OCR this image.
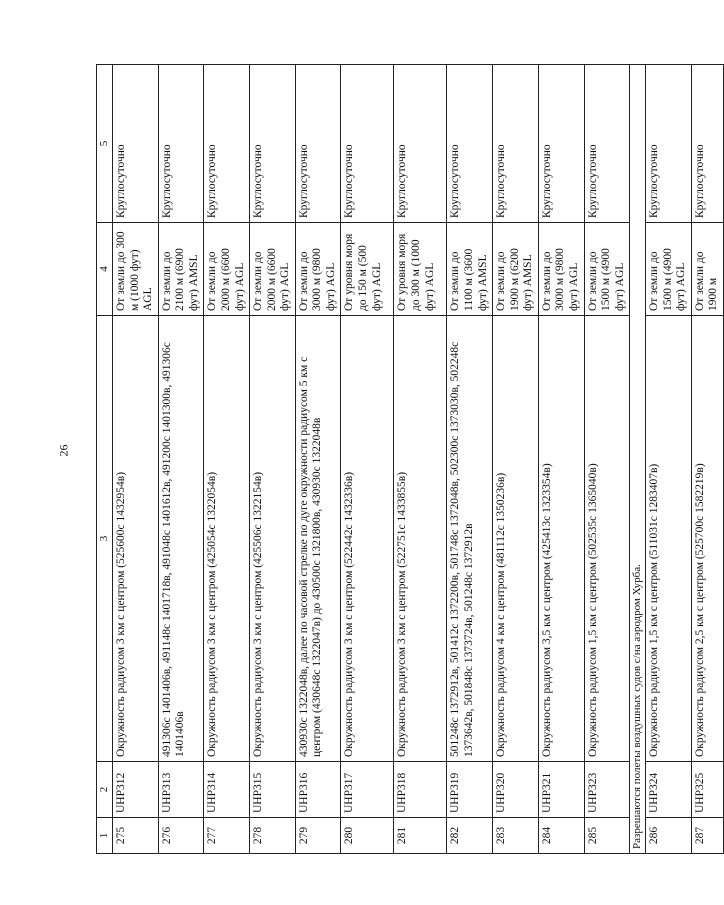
26
1	2	3	4	5
275	UHP312	Окружность радиусом 3 км с центром (525600с 1432954в)	От земли до 300 м (1000 фут) AGL	Круглосуточно
276	UHP313	491306с 1401406в, 491148с 1401718в, 491048с 1401612в, 491200с 1401300в, 491306с 1401406в	От земли до 2100 м (6900 фут) AMSL	Круглосуточно
277	UHP314	Окружность радиусом 3 км с центром (425054с 1322054в)	От земли до 2000 м (6600 фут) AGL	Круглосуточно
278	UHP315	Окружность радиусом 3 км с центром (425506с 1322154в)	От земли до 2000 м (6600 фут) AGL	Круглосуточно
279	UHP316	430930с 1322048в, далее по часовой стрелке по дуге окружности радиусом 5 км с центром (430648с 1322047в) до 430500с 1321800в, 430930с 1322048в	От земли до 3000 м (9800 фут) AGL	Круглосуточно
280	UHP317	Окружность радиусом 3 км с центром (522442с 1432336в)	От уровня моря до 150 м (500 фут) AGL	Круглосуточно
281	UHP318	Окружность радиусом 3 км с центром (522751с 1433855в)	От уровня моря до 300 м (1000 фут) AGL	Круглосуточно
282	UHP319	501248с 1372912в, 501412с 1372200в, 501748с 1372048в, 502300с 1373030в, 502248с 1373642в, 501848с 1373724в, 501248с 1372912в	От земли до 1100 м (3600 фут) AMSL	Круглосуточно
283	UHP320	Окружность радиусом 4 км с центром (481112с 1350236в)	От земли до 1900 м (6200 фут) AMSL	Круглосуточно
284	UHP321	Окружность радиусом 3,5 км с центром (425413с 1323354в)	От земли до 3000 м (9800 фут) AGL	Круглосуточно
285	UHP323	Окружность радиусом 1,5 км с центром (502535с 1365040в)	От земли до 1500 м (4900 фут) AGL	Круглосуточно
Разрешаются полеты воздушных судов с/на аэродром Хурба.				
286	UHP324	Окружность радиусом 1,5 км с центром (511031с 1283407в)	От земли до 1500 м (4900 фут) AGL	Круглосуточно
287	UHP325	Окружность радиусом 2,5 км с центром (525700с 1582219в)	От земли до 1900 м	Круглосуточно
